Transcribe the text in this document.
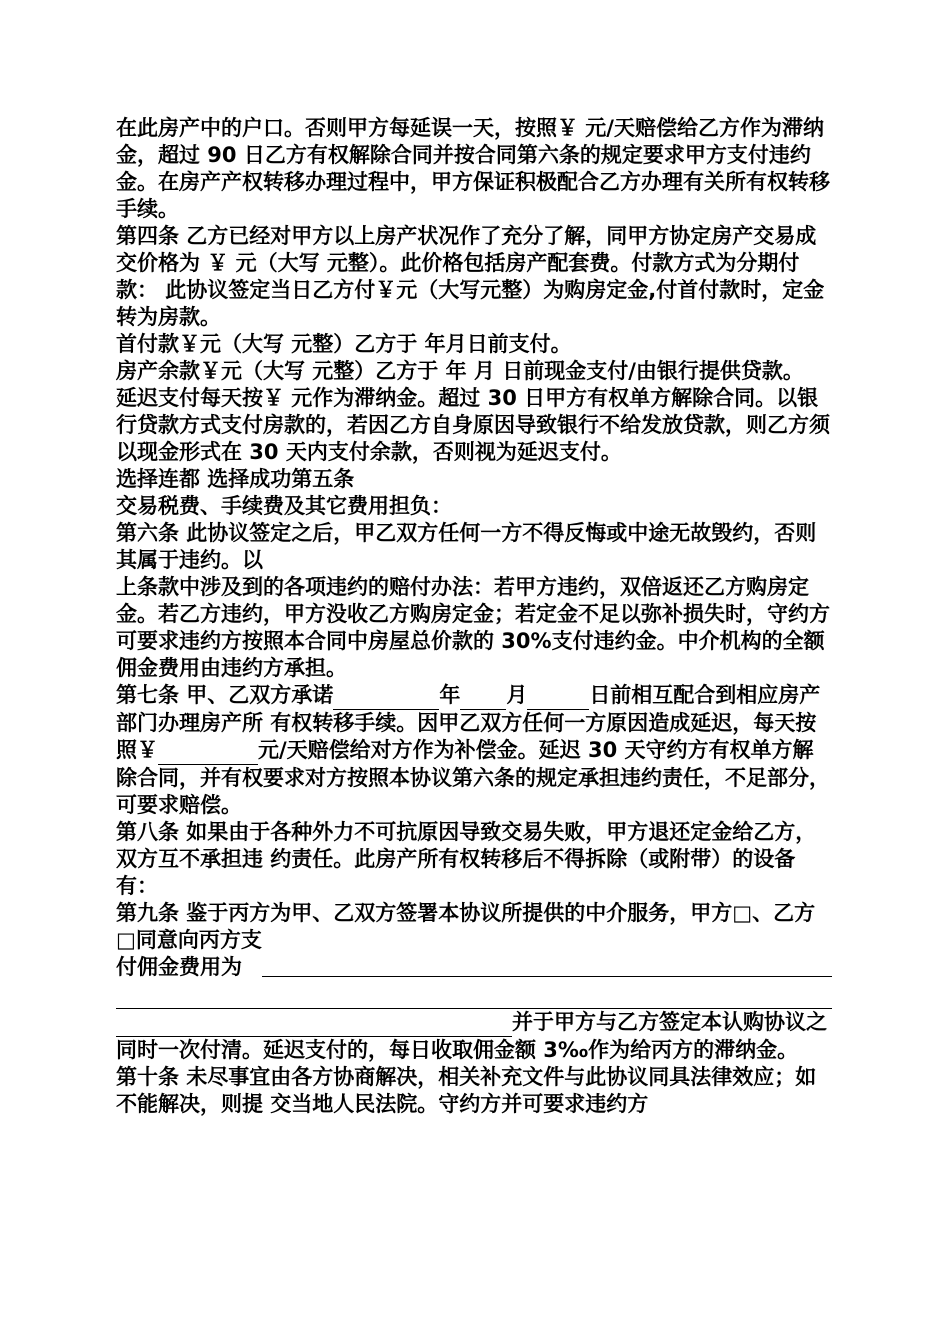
在此房产中的户口。否则甲方每延误一天，按照￥ 元/天赔偿给乙方作为滞纳金，超过 90 日乙方有权解除合同并按合同第六条的规定要求甲方支付违约金。在房产产权转移办理过程中，甲方保证积极配合乙方办理有关所有权转移手续。

第四条 乙方已经对甲方以上房产状况作了充分了解，同甲方协定房产交易成交价格为 ￥ 元（大写 元整）。此价格包括房产配套费。付款方式为分期付款： 此协议签定当日乙方付￥元（大写元整）为购房定金,付首付款时，定金转为房款。

首付款￥元（大写 元整）乙方于 年月日前支付。

房产余款￥元（大写 元整）乙方于 年 月 日前现金支付/由银行提供贷款。

延迟支付每天按￥ 元作为滞纳金。超过 30 日甲方有权单方解除合同。以银行贷款方式支付房款的，若因乙方自身原因导致银行不给发放贷款，则乙方须以现金形式在 30 天内支付余款，否则视为延迟支付。

选择连都 选择成功第五条

交易税费、手续费及其它费用担负：

第六条 此协议签定之后，甲乙双方任何一方不得反悔或中途无故毁约，否则其属于违约。以

上条款中涉及到的各项违约的赔付办法：若甲方违约，双倍返还乙方购房定金。若乙方违约，甲方没收乙方购房定金；若定金不足以弥补损失时，守约方可要求违约方按照本合同中房屋总价款的 30%支付违约金。中介机构的全额佣金费用由违约方承担。

第七条 甲、乙双方承诺	年 月	日前相互配合到相应房产部门办理房产所 有权转移手续。因甲乙双方任何一方原因造成延迟，每天按照￥	元/天赔偿给对方作为补偿金。延迟 30 天守约方有权单方解除合同，并有权要求对方按照本协议第六条的规定承担违约责任，不足部分，可要求赔偿。

第八条 如果由于各种外力不可抗原因导致交易失败，甲方退还定金给乙方，双方互不承担违 约责任。此房产所有权转移后不得拆除（或附带）的设备有：

第九条 鉴于丙方为甲、乙双方签署本协议所提供的中介服务，甲方□、乙方□同意向丙方支

付佣金费用为

并于甲方与乙方签定本认购协议之同时一次付清。延迟支付的，每日收取佣金额 3‰作为给丙方的滞纳金。

第十条 未尽事宜由各方协商解决，相关补充文件与此协议同具法律效应；如不能解决，则提 交当地人民法院。守约方并可要求违约方
